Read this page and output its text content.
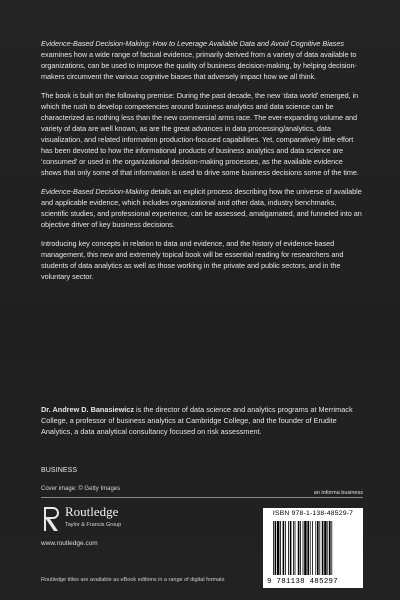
Evidence-Based Decision-Making: How to Leverage Available Data and Avoid Cognitive Biases examines how a wide range of factual evidence, primarily derived from a variety of data available to organizations, can be used to improve the quality of business decision-making, by helping decision-makers circumvent the various cognitive biases that adversely impact how we all think.

The book is built on the following premise: During the past decade, the new ‘data world’ emerged, in which the rush to develop competencies around business analytics and data science can be characterized as nothing less than the new commercial arms race. The ever-expanding volume and variety of data are well known, as are the great advances in data processing/analytics, data visualization, and related information production-focused capabilities. Yet, comparatively little effort has been devoted to how the informational products of business analytics and data science are ‘consumed’ or used in the organizational decision-making processes, as the available evidence shows that only some of that information is used to drive some business decisions some of the time.

Evidence-Based Decision-Making details an explicit process describing how the universe of available and applicable evidence, which includes organizational and other data, industry benchmarks, scientific studies, and professional experience, can be assessed, amalgamated, and funneled into an objective driver of key business decisions.

Introducing key concepts in relation to data and evidence, and the history of evidence-based management, this new and extremely topical book will be essential reading for researchers and students of data analytics as well as those working in the private and public sectors, and in the voluntary sector.

Dr. Andrew D. Banasiewicz is the director of data science and analytics programs at Merrimack College, a professor of business analytics at Cambridge College, and the founder of Erudite Analytics, a data analytical consultancy focused on risk assessment.

BUSINESS
Cover image: © Getty Images
an informa business
Routledge
Taylor & Francis Group
www.routledge.com
Routledge titles are available as eBook editions in a range of digital formats
ISBN 978-1-138-48529-7
9 781138 485297
